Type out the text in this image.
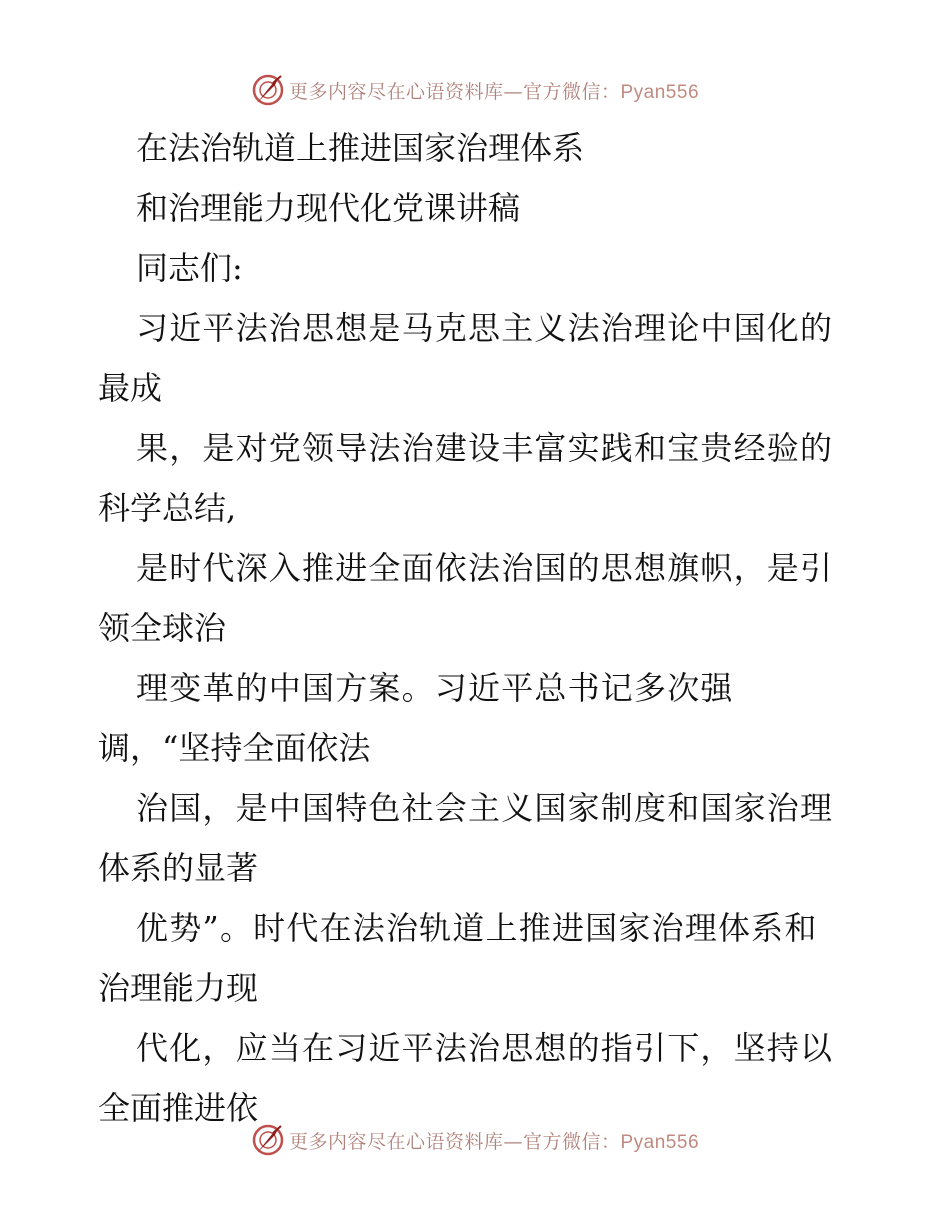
更多内容尽在心语资料库—官方微信：Pyan556
在法治轨道上推进国家治理体系
和治理能力现代化党课讲稿
同志们:
习近平法治思想是马克思主义法治理论中国化的
最成
果，是对党领导法治建设丰富实践和宝贵经验的
科学总结,
是时代深入推进全面依法治国的思想旗帜，是引
领全球治
理变革的中国方案。习近平总书记多次强
调，“坚持全面依法
治国，是中国特色社会主义国家制度和国家治理
体系的显著
优势”。时代在法治轨道上推进国家治理体系和
治理能力现
代化，应当在习近平法治思想的指引下，坚持以
全面推进依
更多内容尽在心语资料库—官方微信：Pyan556
